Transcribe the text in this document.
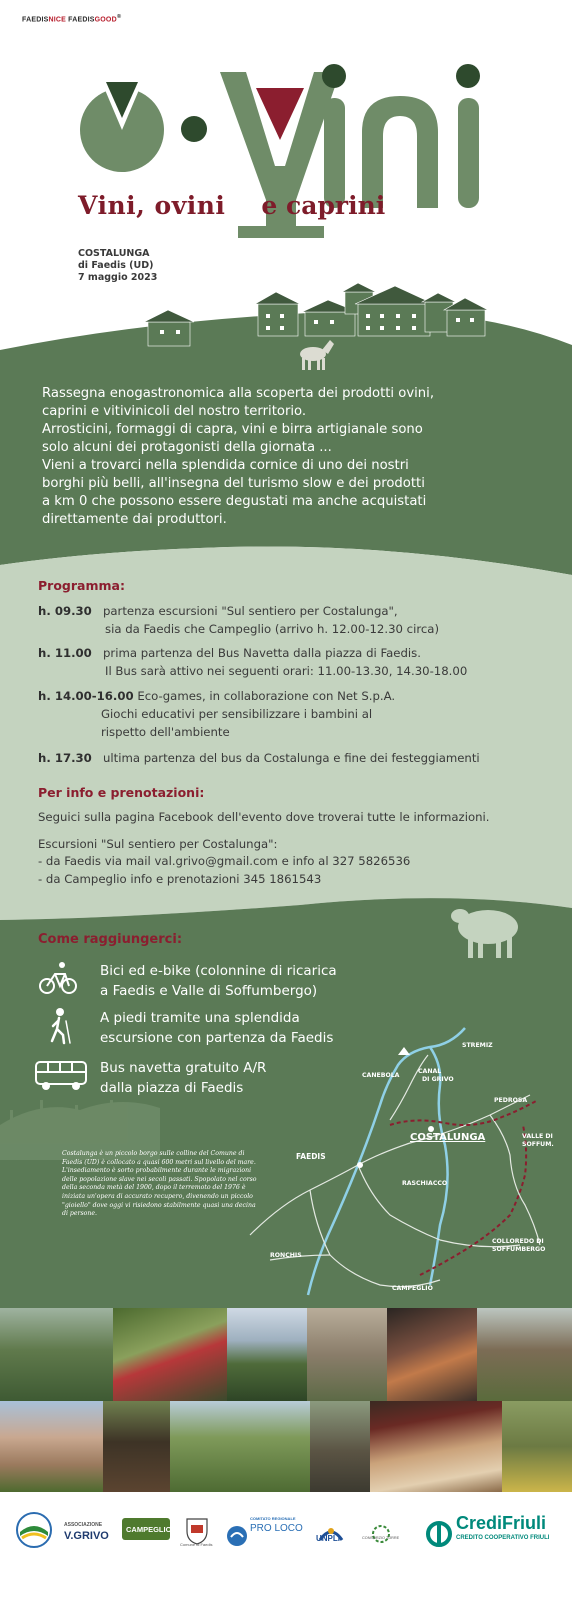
FAEDISNICE FAEDISGOOD®
Vini, ovini e caprini
COSTALUNGA
di Faedis (UD)
7 maggio 2023
Rassegna enogastronomica alla scoperta dei prodotti ovini,
caprini e vitivinicoli del nostro territorio.
Arrosticini, formaggi di capra, vini e birra artigianale sono
solo alcuni dei protagonisti della giornata ...
Vieni a trovarci nella splendida cornice di uno dei nostri
borghi più belli, all'insegna del turismo slow e dei prodotti
a km 0 che possono essere degustati ma anche acquistati
direttamente dai produttori.
Programma:
h. 09.30 partenza escursioni "Sul sentiero per Costalunga",
sia da Faedis che Campeglio (arrivo h. 12.00-12.30 circa)
h. 11.00 prima partenza del Bus Navetta dalla piazza di Faedis.
Il Bus sarà attivo nei seguenti orari: 11.00-13.30, 14.30-18.00
h. 14.00-16.00 Eco-games, in collaborazione con Net S.p.A.
Giochi educativi per sensibilizzare i bambini al
rispetto dell'ambiente
h. 17.30 ultima partenza del bus da Costalunga e fine dei festeggiamenti
Per info e prenotazioni:
Seguici sulla pagina Facebook dell'evento dove troverai tutte le informazioni.
Escursioni "Sul sentiero per Costalunga":
- da Faedis via mail val.grivo@gmail.com e info al 327 5826536
- da Campeglio info e prenotazioni 345 1861543
Come raggiungerci:
Bici ed e-bike (colonnine di ricarica
a Faedis e Valle di Soffumbergo)
A piedi tramite una splendida
escursione con partenza da Faedis
Bus navetta gratuito A/R
dalla piazza di Faedis
Costalunga è un piccolo borgo sulle colline del Comune di Faedis (UD) è collocato a quasi 600 metri sul livello del mare. L'insediamento è sorto probabilmente durante le migrazioni delle popolazione slave nei secoli passati. Spopolato nel corso della seconda metà del 1900, dopo il terremoto del 1976 è iniziata un'opera di accurato recupero, divenendo un piccolo "gioiello" dove oggi vi risiedono stabilmente quasi una decina di persone.
STREMIZ
CANEBOLA
CANAL
DI GRIVO
PEDROSA
VALLE DI
SOFFUM.
FAEDIS
RASCHIACCO
COLLOREDO DI
SOFFUMBERGO
RONCHIS
CAMPEGLIO
COSTALUNGA
ASSOCIAZIONE
V.GRIVO
CAMPEGLIO
Comune di Faedis
COMITATO REGIONALE
PRO LOCO
UNPLI	CONSORZIO TORRE
CrediFriuli
CREDITO COOPERATIVO FRIULI
